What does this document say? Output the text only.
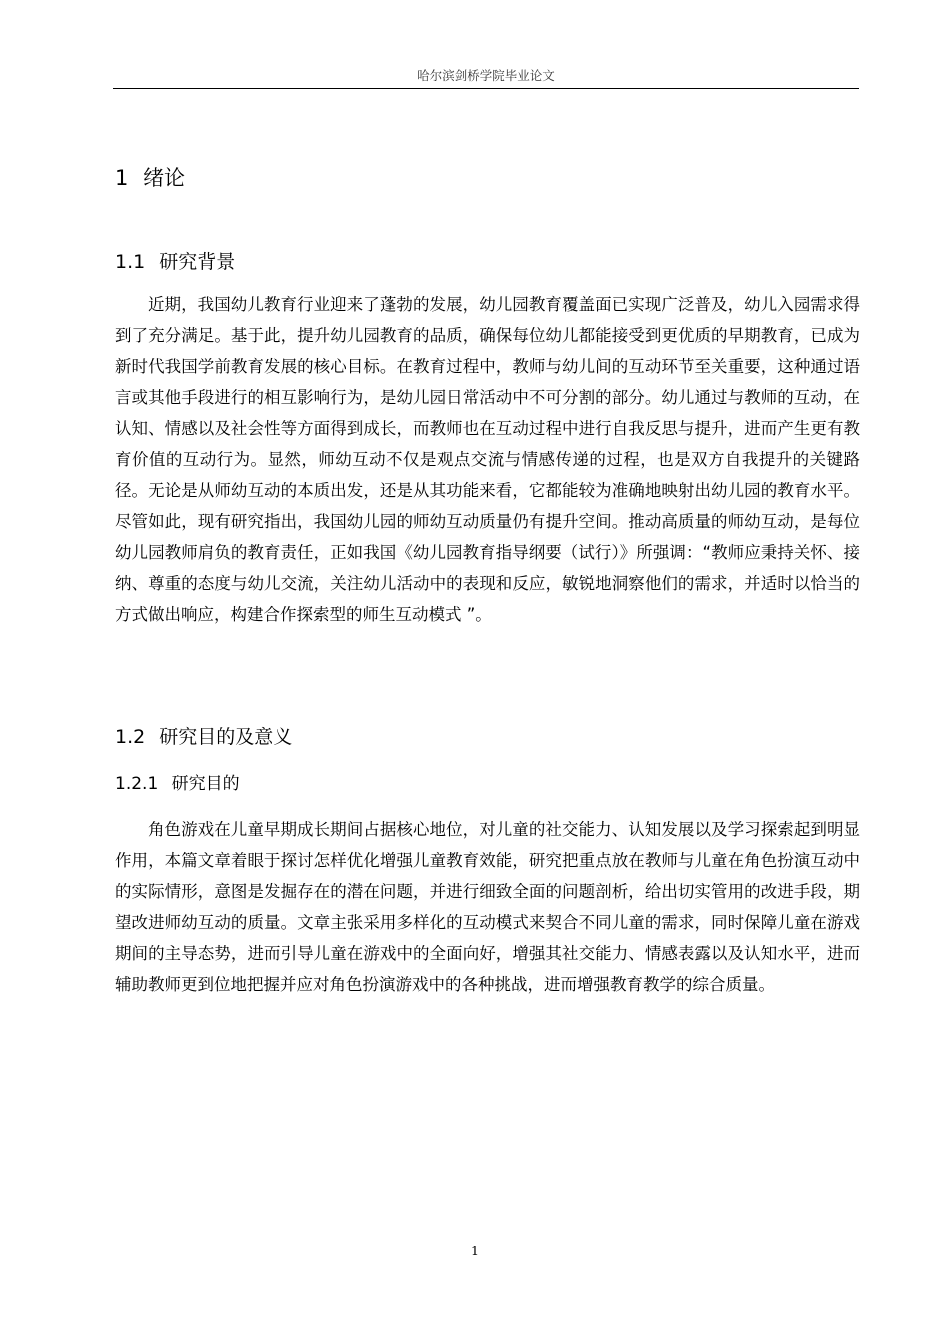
哈尔滨剑桥学院毕业论文
1 绪论
1.1 研究背景

近期，我国幼儿教育行业迎来了蓬勃的发展，幼儿园教育覆盖面已实现广泛普及，幼儿入园需求得到了充分满足。基于此，提升幼儿园教育的品质，确保每位幼儿都能接受到更优质的早期教育，已成为新时代我国学前教育发展的核心目标。在教育过程中，教师与幼儿间的互动环节至关重要，这种通过语言或其他手段进行的相互影响行为，是幼儿园日常活动中不可分割的部分。幼儿通过与教师的互动，在认知、情感以及社会性等方面得到成长，而教师也在互动过程中进行自我反思与提升，进而产生更有教育价值的互动行为。显然，师幼互动不仅是观点交流与情感传递的过程，也是双方自我提升的关键路径。无论是从师幼互动的本质出发，还是从其功能来看，它都能较为准确地映射出幼儿园的教育水平。尽管如此，现有研究指出，我国幼儿园的师幼互动质量仍有提升空间。推动高质量的师幼互动，是每位幼儿园教师肩负的教育责任，正如我国《幼儿园教育指导纲要（试行）》所强调：“教师应秉持关怀、接纳、尊重的态度与幼儿交流，关注幼儿活动中的表现和反应，敏锐地洞察他们的需求，并适时以恰当的方式做出响应，构建合作探索型的师生互动模式 ”。

1.2 研究目的及意义
1.2.1 研究目的

角色游戏在儿童早期成长期间占据核心地位，对儿童的社交能力、认知发展以及学习探索起到明显作用，本篇文章着眼于探讨怎样优化增强儿童教育效能，研究把重点放在教师与儿童在角色扮演互动中的实际情形，意图是发掘存在的潜在问题，并进行细致全面的问题剖析，给出切实管用的改进手段，期望改进师幼互动的质量。文章主张采用多样化的互动模式来契合不同儿童的需求，同时保障儿童在游戏期间的主导态势，进而引导儿童在游戏中的全面向好，增强其社交能力、情感表露以及认知水平，进而辅助教师更到位地把握并应对角色扮演游戏中的各种挑战，进而增强教育教学的综合质量。

1
